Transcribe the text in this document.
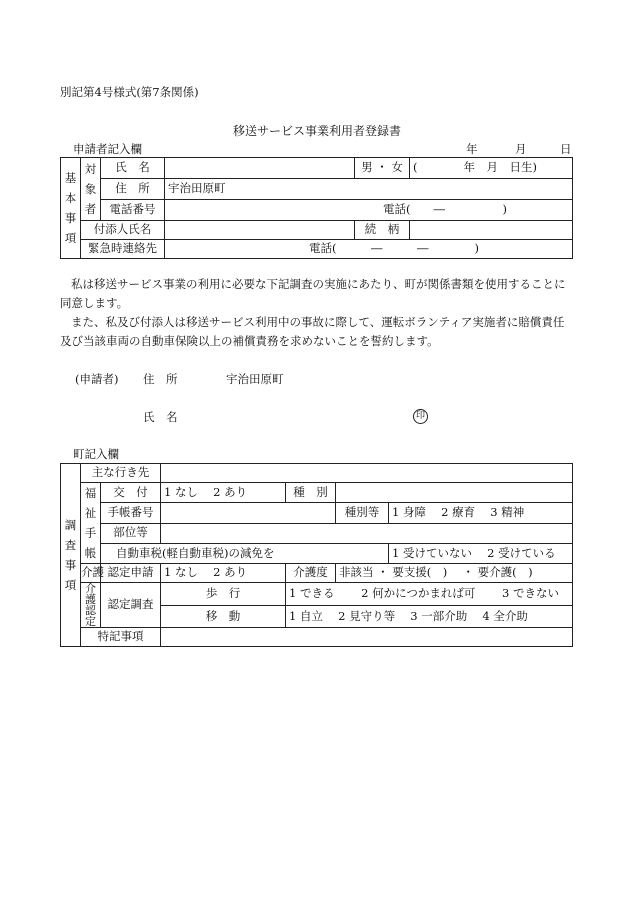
別記第4号様式(第7条関係)
移送サービス事業利用者登録書
申請者記入欄	年	月	日
基本事項	対象者	氏　名		男 ・ 女	(　　　　年　月　日生)
		住　所	宇治田原町		
		電話番号	電話(　　―　　　　　)		
	付添人氏名			続　柄	
	緊急時連絡先		電話(　　　―　　　―　　　　)		
私は移送サービス事業の利用に必要な下記調査の実施にあたり、町が関係書類を使用することに同意します。
また、私及び付添人は移送サービス利用中の事故に際して、運転ボランティア実施者に賠償責任及び当該車両の自動車保険以上の補償責務を求めないことを誓約します。
(申請者) 住　所	宇治田原町
氏　名	印
町記入欄
調査事項	主な行き先					
	福祉手帳	交　付	1 なし　 2 あり	種　別		
		手帳番号			種別等	1 身障　 2 療育　 3 精神
		部位等				
		自動車税(軽自動車税)の減免を				1 受けていない　 2 受けている
	介護	認定申請	1 なし　 2 あり	介護度	非該当 ・ 要支援(　)　 ・ 要介護(　)	
	介護認定	認定調査	歩　行	1 できる　　 2 何かにつかまれば可　　 3 できない		
			移　動	1 自立　 2 見守り等　 3 一部介助　 4 全介助		
	特記事項					
